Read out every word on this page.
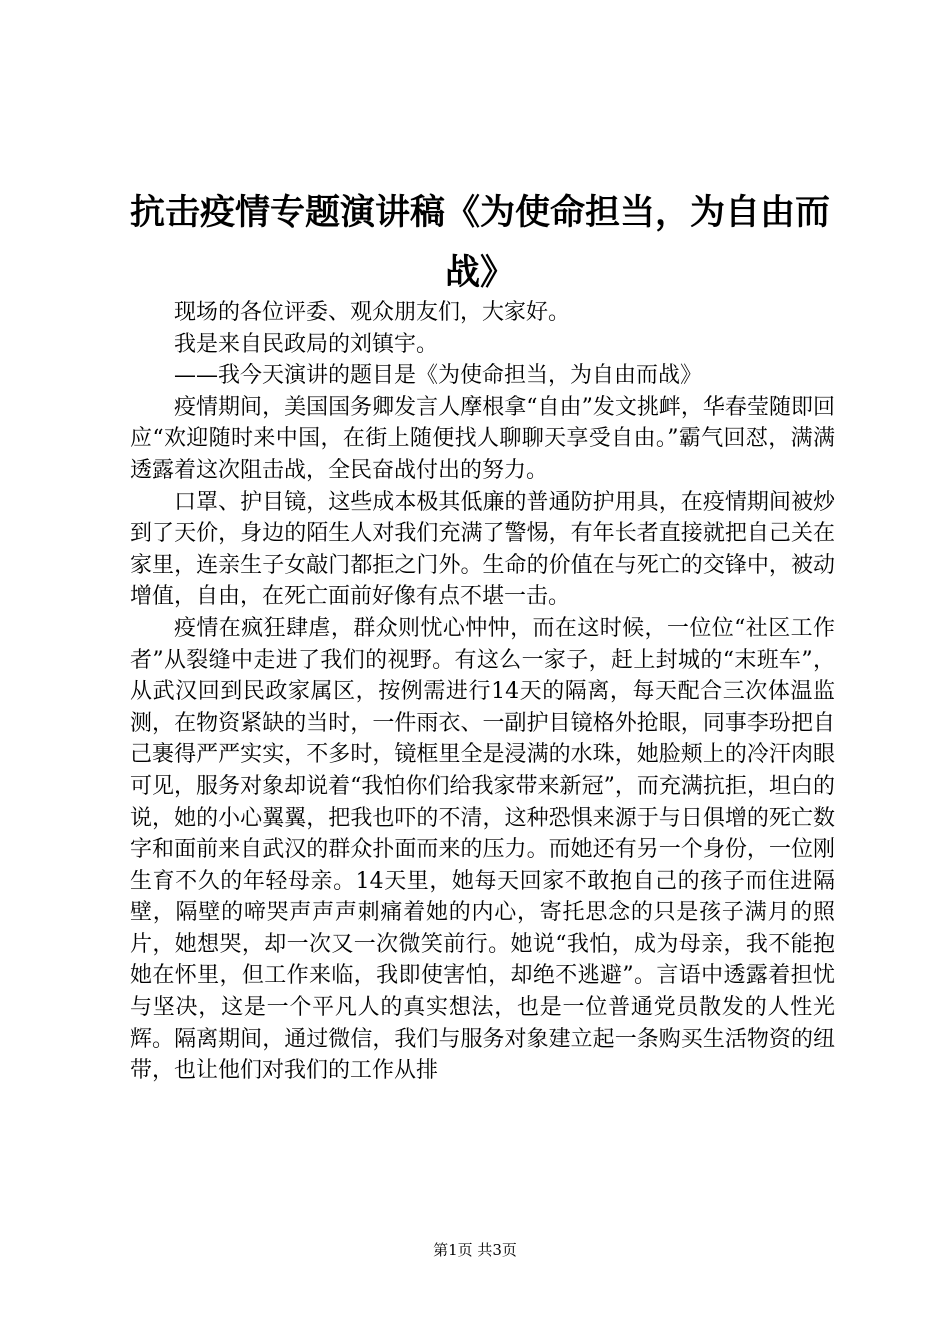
抗击疫情专题演讲稿《为使命担当，为自由而战》

现场的各位评委、观众朋友们，大家好。

我是来自民政局的刘镇宇。

——我今天演讲的题目是《为使命担当，为自由而战》

疫情期间，美国国务卿发言人摩根拿“自由”发文挑衅，华春莹随即回应“欢迎随时来中国，在街上随便找人聊聊天享受自由。”霸气回怼，满满透露着这次阻击战，全民奋战付出的努力。

口罩、护目镜，这些成本极其低廉的普通防护用具，在疫情期间被炒到了天价，身边的陌生人对我们充满了警惕，有年长者直接就把自己关在家里，连亲生子女敲门都拒之门外。生命的价值在与死亡的交锋中，被动增值，自由，在死亡面前好像有点不堪一击。

疫情在疯狂肆虐，群众则忧心忡忡，而在这时候，一位位“社区工作者”从裂缝中走进了我们的视野。有这么一家子，赶上封城的“末班车”，从武汉回到民政家属区，按例需进行14天的隔离，每天配合三次体温监测，在物资紧缺的当时，一件雨衣、一副护目镜格外抢眼，同事李玢把自己裹得严严实实，不多时，镜框里全是浸满的水珠，她脸颊上的冷汗肉眼可见，服务对象却说着“我怕你们给我家带来新冠”，而充满抗拒，坦白的说，她的小心翼翼，把我也吓的不清，这种恐惧来源于与日俱增的死亡数字和面前来自武汉的群众扑面而来的压力。而她还有另一个身份，一位刚生育不久的年轻母亲。14天里，她每天回家不敢抱自己的孩子而住进隔壁，隔壁的啼哭声声声刺痛着她的内心，寄托思念的只是孩子满月的照片，她想哭，却一次又一次微笑前行。她说“我怕，成为母亲，我不能抱她在怀里，但工作来临，我即使害怕，却绝不逃避”。言语中透露着担忧与坚决，这是一个平凡人的真实想法，也是一位普通党员散发的人性光辉。隔离期间，通过微信，我们与服务对象建立起一条购买生活物资的纽带，也让他们对我们的工作从排

第1页 共3页
